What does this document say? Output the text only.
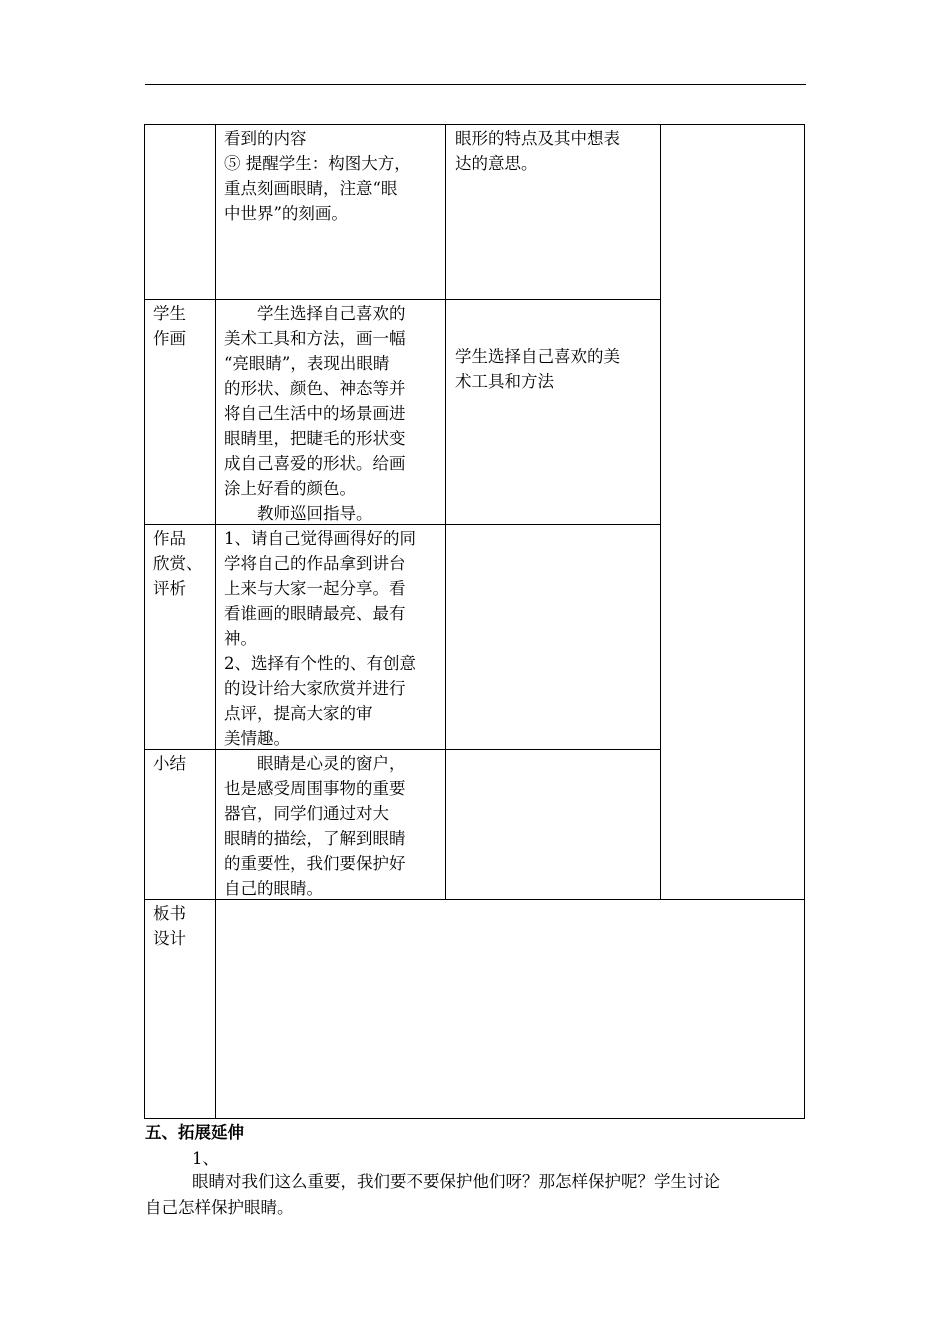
看到的内容
⑤ 提醒学生：构图大方，
重点刻画眼睛，注意“眼
中世界”的刻画。
眼形的特点及其中想表
达的意思。
学生
作画
　　学生选择自己喜欢的
美术工具和方法，画一幅
“亮眼睛”，表现出眼睛
的形状、颜色、神态等并
将自己生活中的场景画进
眼睛里，把睫毛的形状变
成自己喜爱的形状。给画
涂上好看的颜色。
　　教师巡回指导。
学生选择自己喜欢的美
术工具和方法
作品
欣赏、
评析
1、请自己觉得画得好的同
学将自己的作品拿到讲台
上来与大家一起分享。看
看谁画的眼睛最亮、最有
神。
2、选择有个性的、有创意
的设计给大家欣赏并进行
点评，提高大家的审
美情趣。
小结	　　眼睛是心灵的窗户，
也是感受周围事物的重要
器官，同学们通过对大
眼睛的描绘，了解到眼睛
的重要性，我们要保护好
自己的眼睛。
板书
设计
五、拓展延伸
1、
眼睛对我们这么重要，我们要不要保护他们呀？那怎样保护呢？学生讨论
自己怎样保护眼睛。
